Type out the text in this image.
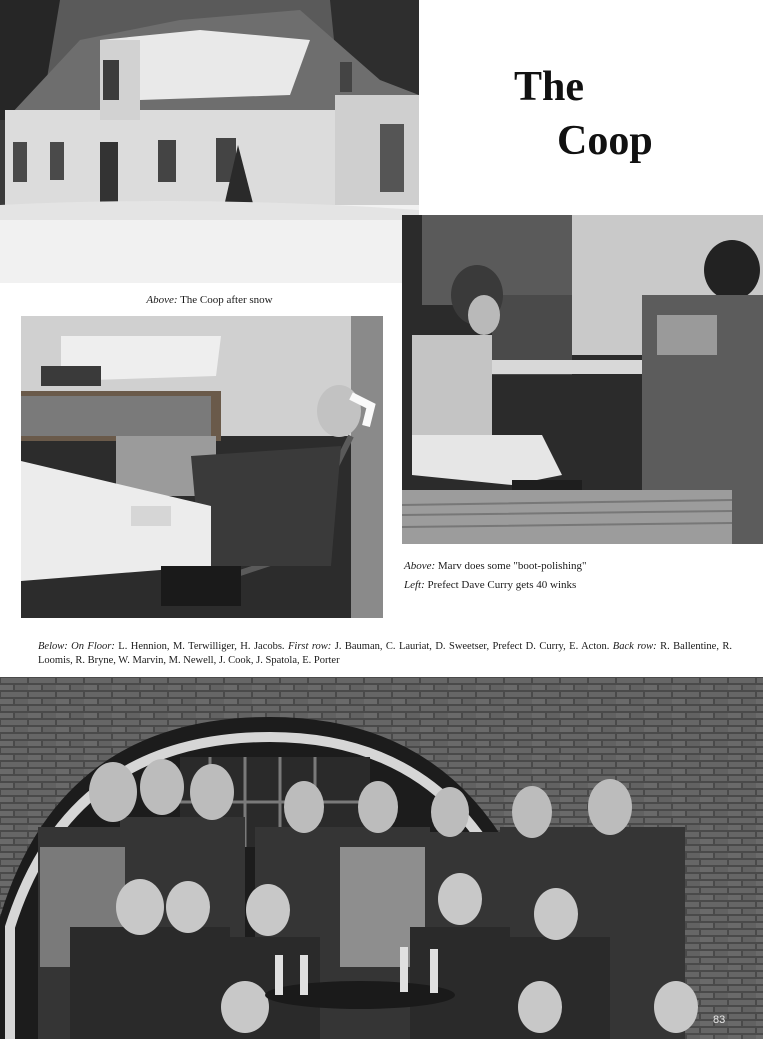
The
Coop

Above: The Coop after snow

Above: Marv does some "boot-polishing"

Left: Prefect Dave Curry gets 40 winks

Below: On Floor: L. Hennion, M. Terwilliger, H. Jacobs. First row: J. Bauman, C. Lauriat, D. Sweetser, Prefect D. Curry, E. Acton. Back row: R. Ballentine, R. Loomis, R. Bryne, W. Marvin, M. Newell, J. Cook, J. Spatola, E. Porter

83
